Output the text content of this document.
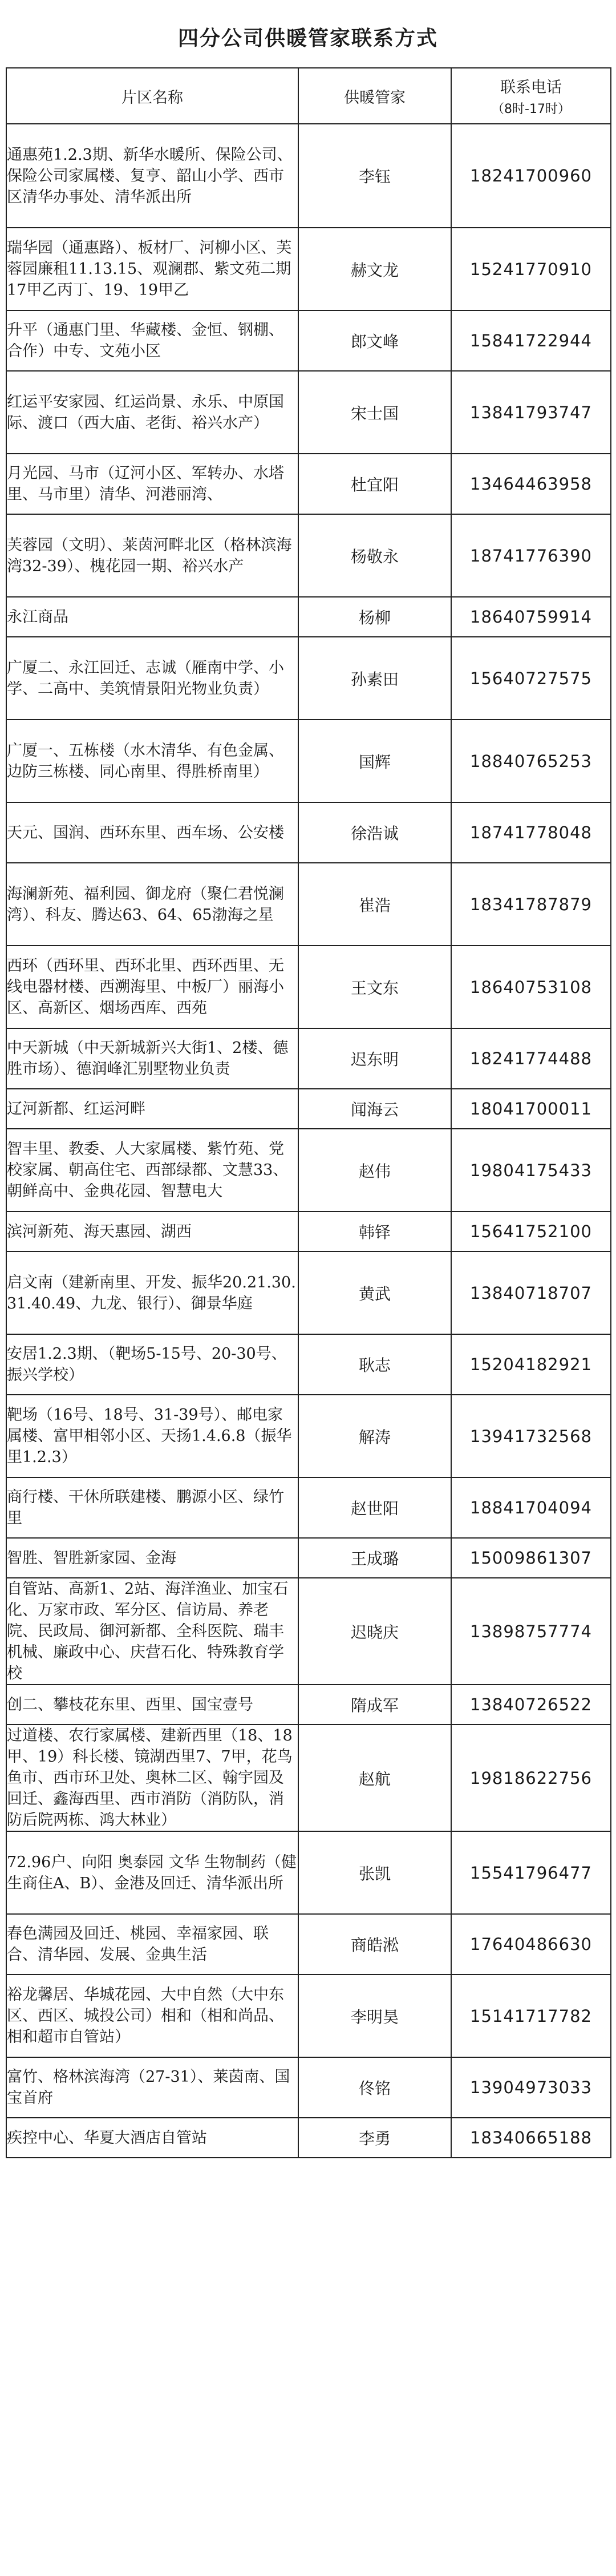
四分公司供暖管家联系方式
片区名称	供暖管家	联系电话
（8时-17时）

通惠苑1.2.3期、新华水暖所、保险公司、保险公司家属楼、复亨、韶山小学、西市区清华办事处、清华派出所	李钰	18241700960
瑞华园（通惠路）、板材厂、河柳小区、芙蓉园廉租11.13.15、观澜郡、紫文苑二期17甲乙丙丁、19、19甲乙	赫文龙	15241770910
升平（通惠门里、华藏楼、金恒、钢棚、合作）中专、文苑小区	郎文峰	15841722944
红运平安家园、红运尚景、永乐、中原国际、渡口（西大庙、老街、裕兴水产）	宋士国	13841793747
月光园、马市（辽河小区、军转办、水塔里、马市里）清华、河港丽湾、	杜宜阳	13464463958
芙蓉园（文明）、莱茵河畔北区（格林滨海湾32-39）、槐花园一期、裕兴水产	杨敬永	18741776390
永江商品	杨柳	18640759914
广厦二、永江回迁、志诚（雁南中学、小学、二高中、美筑情景阳光物业负责）	孙素田	15640727575
广厦一、五栋楼（水木清华、有色金属、边防三栋楼、同心南里、得胜桥南里）	国辉	18840765253
天元、国润、西环东里、西车场、公安楼	徐浩诚	18741778048
海澜新苑、福利园、御龙府（聚仁君悦澜湾）、科友、腾达63、64、65渤海之星	崔浩	18341787879
西环（西环里、西环北里、西环西里、无线电器材楼、西溯海里、中板厂）丽海小区、高新区、烟场西库、西苑	王文东	18640753108
中天新城（中天新城新兴大街1、2楼、德胜市场）、德润峰汇别墅物业负责	迟东明	18241774488
辽河新都、红运河畔	闻海云	18041700011
智丰里、教委、人大家属楼、紫竹苑、党校家属、朝高住宅、西部绿都、文慧33、朝鲜高中、金典花园、智慧电大	赵伟	19804175433
滨河新苑、海天惠园、湖西	韩铎	15641752100
启文南（建新南里、开发、振华20.21.30.31.40.49、九龙、银行）、御景华庭	黄武	13840718707
安居1.2.3期、（靶场5-15号、20-30号、振兴学校）	耿志	15204182921
靶场（16号、18号、31-39号）、邮电家属楼、富甲相邻小区、天扬1.4.6.8（振华里1.2.3）	解涛	13941732568
商行楼、干休所联建楼、鹏源小区、绿竹里	赵世阳	18841704094
智胜、智胜新家园、金海	王成璐	15009861307
自管站、高新1、2站、海洋渔业、加宝石化、万家市政、军分区、信访局、养老院、民政局、御河新都、全科医院、瑞丰机械、廉政中心、庆营石化、特殊教育学校	迟晓庆	13898757774
创二、攀枝花东里、西里、国宝壹号	隋成军	13840726522
过道楼、农行家属楼、建新西里（18、18甲、19）科长楼、镜湖西里7、7甲，花鸟鱼市、西市环卫处、奥林二区、翰宇园及回迁、鑫海西里、西市消防（消防队，消防后院两栋、鸿大林业）	赵航	19818622756
72.96户、向阳 奥泰园 文华 生物制药（健生商住A、B）、金港及回迁、清华派出所	张凯	15541796477
春色满园及回迁、桃园、幸福家园、联合、清华园、发展、金典生活	商皓淞	17640486630
裕龙馨居、华城花园、大中自然（大中东区、西区、城投公司）相和（相和尚品、相和超市自管站）	李明昊	15141717782
富竹、格林滨海湾（27-31）、莱茵南、国宝首府	佟铭	13904973033
疾控中心、华夏大酒店自管站	李勇	18340665188
